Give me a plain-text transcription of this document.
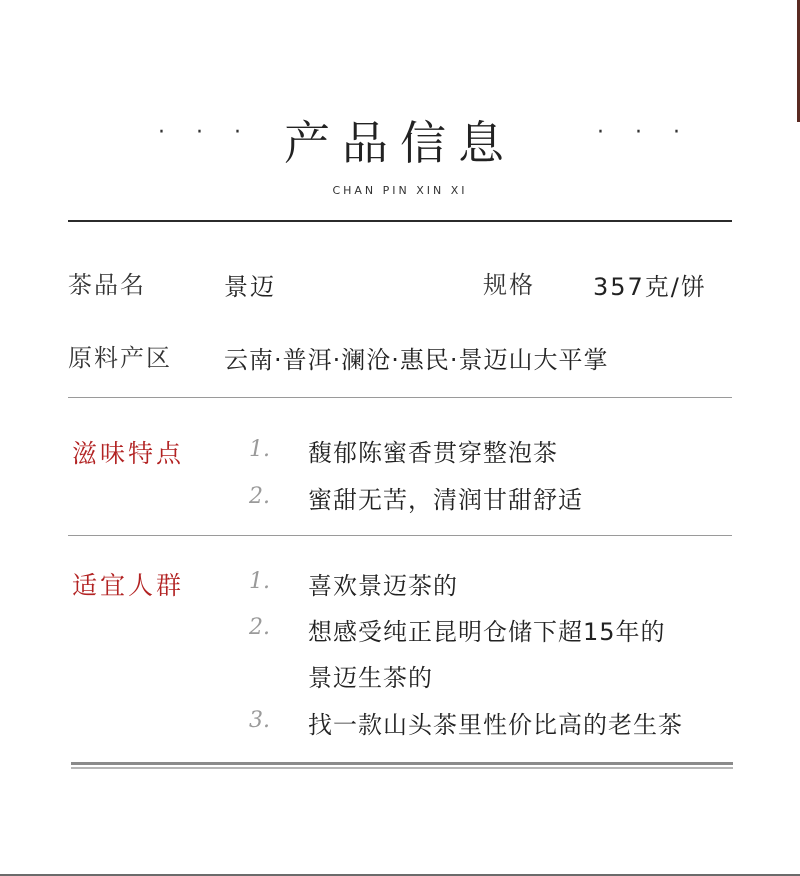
· · · 产品信息	· · ·
CHAN PIN XIN XI
茶品名	景迈	规格 357克/饼
原料产区 云南·普洱·澜沧·惠民·景迈山大平掌
滋味特点	1. 馥郁陈蜜香贯穿整泡茶
2. 蜜甜无苦，清润甘甜舒适
适宜人群	1. 喜欢景迈茶的
2. 想感受纯正昆明仓储下超15年的
景迈生茶的
3. 找一款山头茶里性价比高的老生茶
